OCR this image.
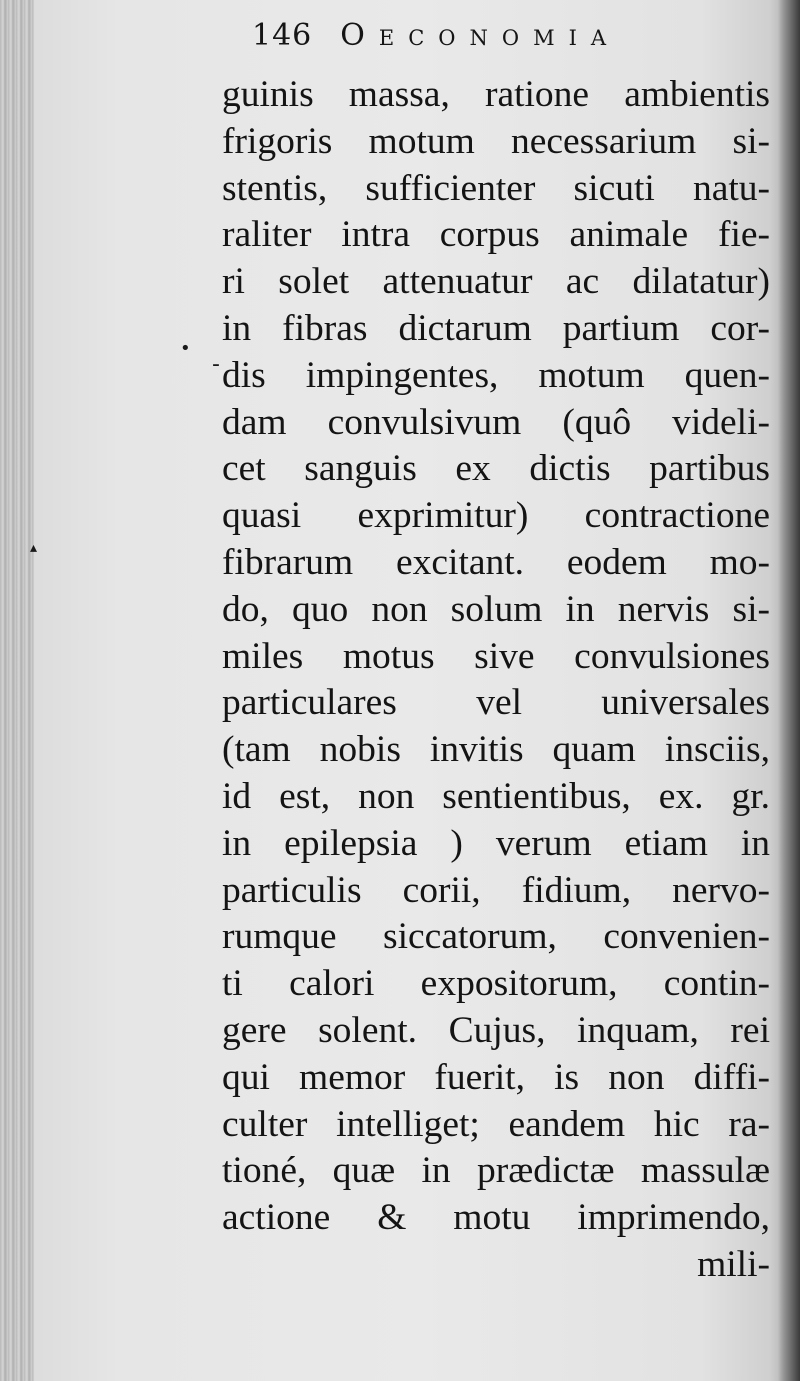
146 Oeconomia
•
-
▴
guinis massa, ratione ambientis
frigoris motum necessarium si-
stentis, sufficienter sicuti natu-
raliter intra corpus animale fie-
ri solet attenuatur ac dilatatur)
in fibras dictarum partium cor-
dis impingentes, motum quen-
dam convulsivum (quô videli-
cet sanguis ex dictis partibus
quasi exprimitur) contractione
fibrarum excitant. eodem mo-
do, quo non solum in nervis si-
miles motus sive convulsiones
particulares vel universales
(tam nobis invitis quam insciis,
id est, non sentientibus, ex. gr.
in epilepsia ) verum etiam in
particulis corii, fidium, nervo-
rumque siccatorum, convenien-
ti calori expositorum, contin-
gere solent. Cujus, inquam, rei
qui memor fuerit, is non diffi-
culter intelliget; eandem hic ra-
tioné, quæ in prædictæ massulæ
actione & motu imprimendo,
mili-
